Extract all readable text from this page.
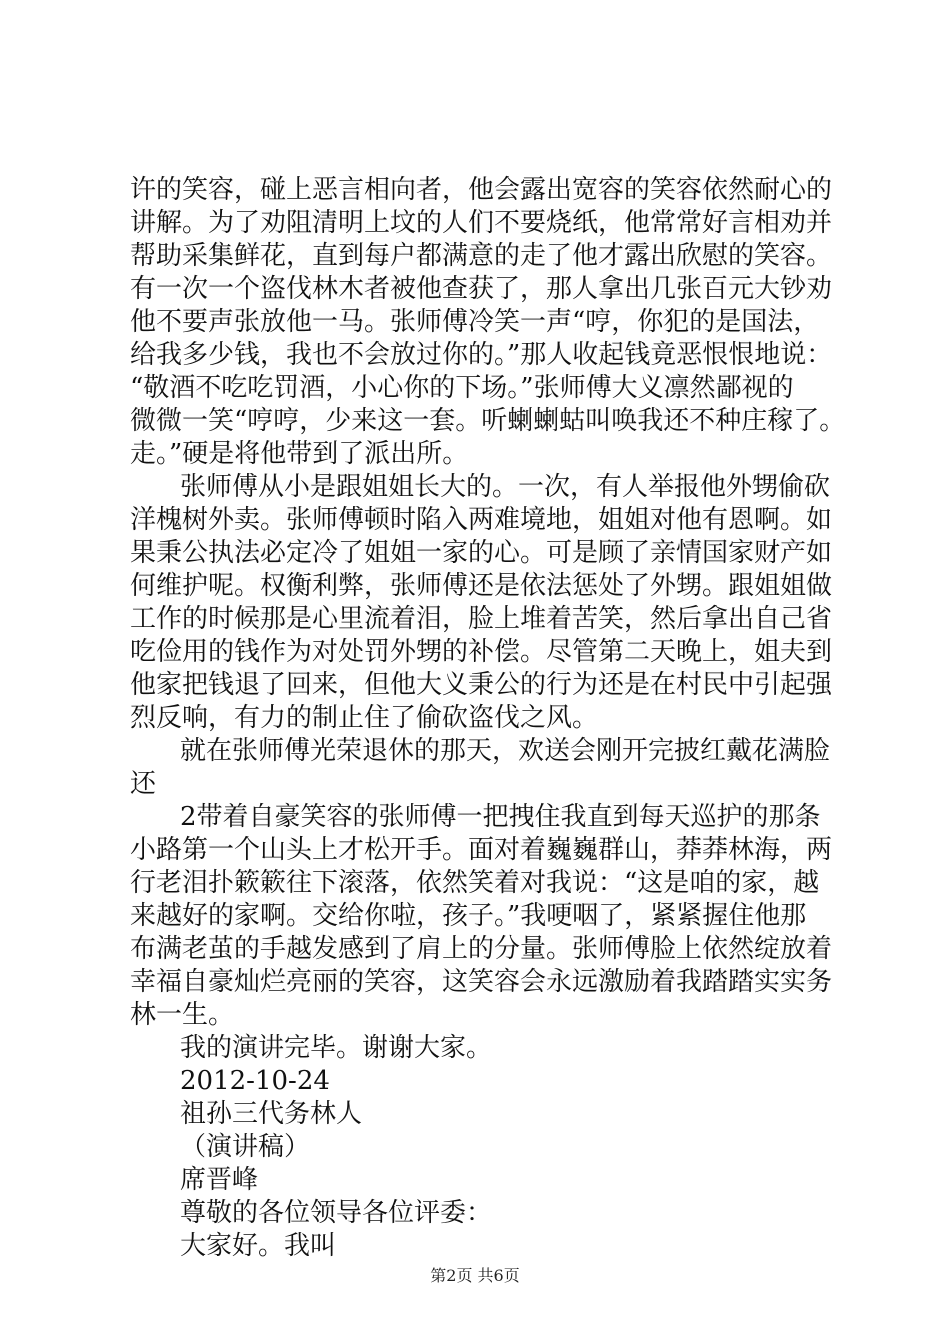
许的笑容，碰上恶言相向者，他会露出宽容的笑容依然耐心的
讲解。为了劝阻清明上坟的人们不要烧纸，他常常好言相劝并
帮助采集鲜花，直到每户都满意的走了他才露出欣慰的笑容。
有一次一个盗伐林木者被他查获了，那人拿出几张百元大钞劝
他不要声张放他一马。张师傅冷笑一声“哼，你犯的是国法，
给我多少钱，我也不会放过你的。”那人收起钱竟恶恨恨地说：
“敬酒不吃吃罚酒，小心你的下场。”张师傅大义凛然鄙视的
微微一笑“哼哼，少来这一套。听蝲蝲蛄叫唤我还不种庄稼了。
走。”硬是将他带到了派出所。
张师傅从小是跟姐姐长大的。一次，有人举报他外甥偷砍
洋槐树外卖。张师傅顿时陷入两难境地，姐姐对他有恩啊。如
果秉公执法必定冷了姐姐一家的心。可是顾了亲情国家财产如
何维护呢。权衡利弊，张师傅还是依法惩处了外甥。跟姐姐做
工作的时候那是心里流着泪，脸上堆着苦笑，然后拿出自己省
吃俭用的钱作为对处罚外甥的补偿。尽管第二天晚上，姐夫到
他家把钱退了回来，但他大义秉公的行为还是在村民中引起强
烈反响，有力的制止住了偷砍盗伐之风。
就在张师傅光荣退休的那天，欢送会刚开完披红戴花满脸
还
2带着自豪笑容的张师傅一把拽住我直到每天巡护的那条
小路第一个山头上才松开手。面对着巍巍群山，莽莽林海，两
行老泪扑簌簌往下滚落，依然笑着对我说：“这是咱的家，越
来越好的家啊。交给你啦，孩子。”我哽咽了，紧紧握住他那
布满老茧的手越发感到了肩上的分量。张师傅脸上依然绽放着
幸福自豪灿烂亮丽的笑容，这笑容会永远激励着我踏踏实实务
林一生。
我的演讲完毕。谢谢大家。
2012-10-24
祖孙三代务林人
（演讲稿）
席晋峰
尊敬的各位领导各位评委：
第2页 共6页
大家好。我叫
